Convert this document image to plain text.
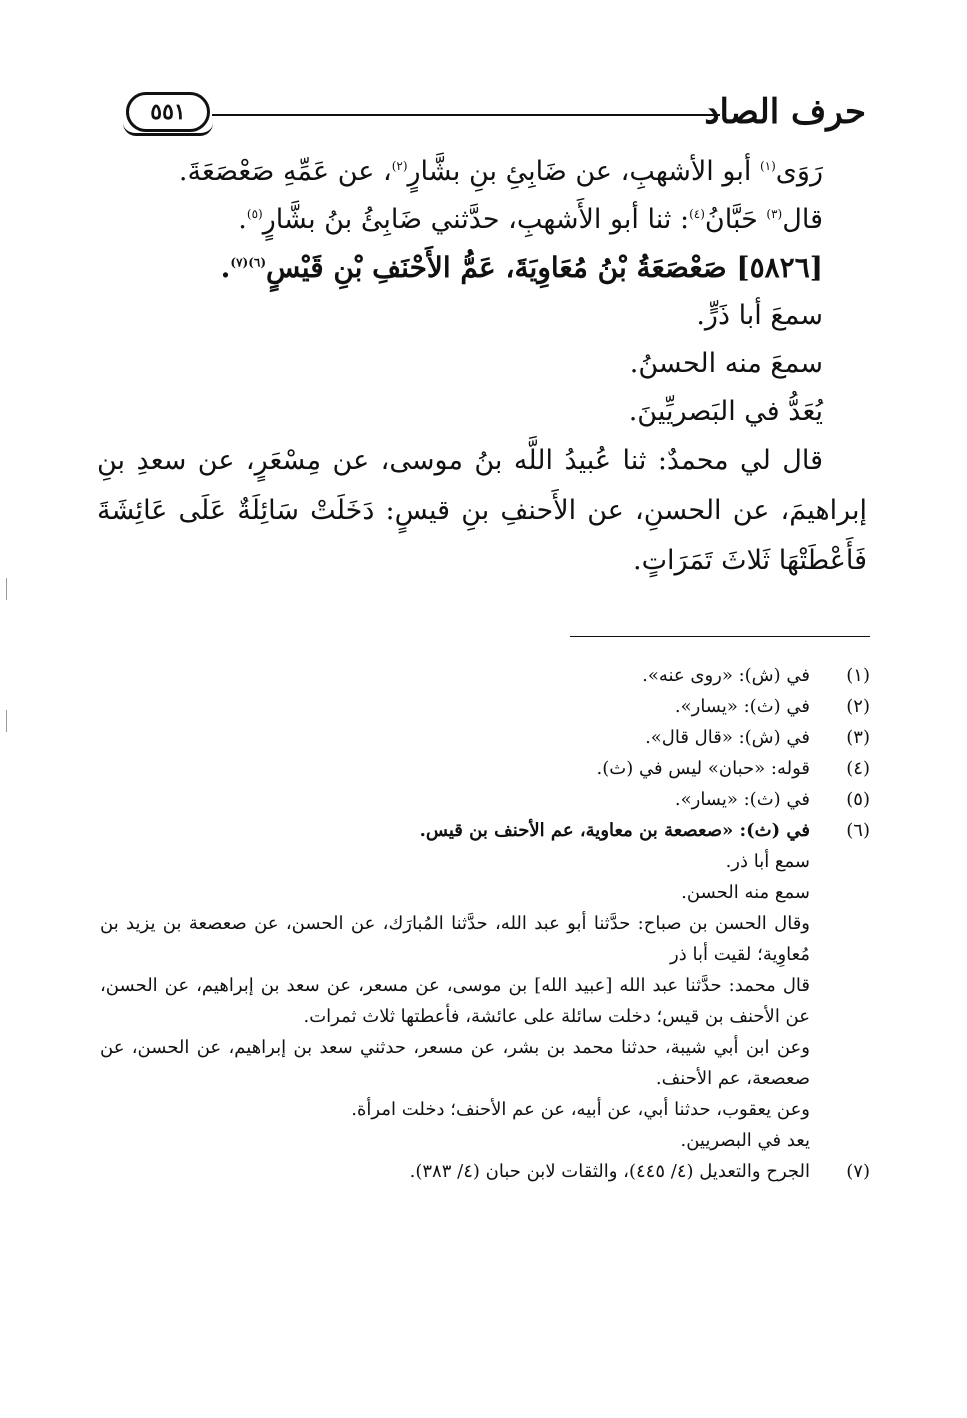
حرف الصاد
٥٥١
رَوَى$^{(١)}$ أبو الأشهبِ، عن ضَابِئِ بنِ بشَّارٍ$^{(٢)}$، عن عَمِّهِ صَعْصَعَةَ.
قال$^{(٣)}$ حَبَّانُ$^{(٤)}$: ثنا أبو الأَشهبِ، حدَّثني ضَابِئُ بنُ بشَّارٍ$^{(٥)}$.
[٥٨٢٦] صَعْصَعَةُ بْنُ مُعَاوِيَةَ، عَمُّ الأَحْنَفِ بْنِ قَيْسٍ$^{(٦)(٧)}$.
سمعَ أبا ذَرٍّ.
سمعَ منه الحسنُ.
يُعَدُّ في البَصريِّينَ.
قال لي محمدٌ: ثنا عُبيدُ اللَّه بنُ موسى، عن مِسْعَرٍ، عن سعدِ بنِ إبراهيمَ، عن الحسنِ، عن الأَحنفِ بنِ قيسٍ: دَخَلَتْ سَائِلَةٌ عَلَى عَائِشَةَ فَأَعْطَتْهَا ثَلاثَ تَمَرَاتٍ.
(١)
في (ش): «روى عنه».
(٢)
في (ث): «يسار».
(٣)
في (ش): «قال قال».
(٤)
قوله: «حبان» ليس في (ث).
(٥)
في (ث): «يسار».
(٦)
في (ث): «صعصعة بن معاوية، عم الأحنف بن قيس.
سمع أبا ذر.
سمع منه الحسن.
وقال الحسن بن صباح: حدَّثنا أبو عبد الله، حدَّثنا المُبارَك، عن الحسن، عن صعصعة بن يزيد بن مُعاوِية؛ لقيت أبا ذر
قال محمد: حدَّثنا عبد الله [عبيد الله] بن موسى، عن مسعر، عن سعد بن إبراهيم، عن الحسن، عن الأحنف بن قيس؛ دخلت سائلة على عائشة، فأعطتها ثلاث ثمرات.
وعن ابن أبي شيبة، حدثنا محمد بن بشر، عن مسعر، حدثني سعد بن إبراهيم، عن الحسن، عن صعصعة، عم الأحنف.
وعن يعقوب، حدثنا أبي، عن أبيه، عن عم الأحنف؛ دخلت امرأة.
يعد في البصريين.
(٧)
الجرح والتعديل (٤/ ٤٤٥)، والثقات لابن حبان (٤/ ٣٨٣).
